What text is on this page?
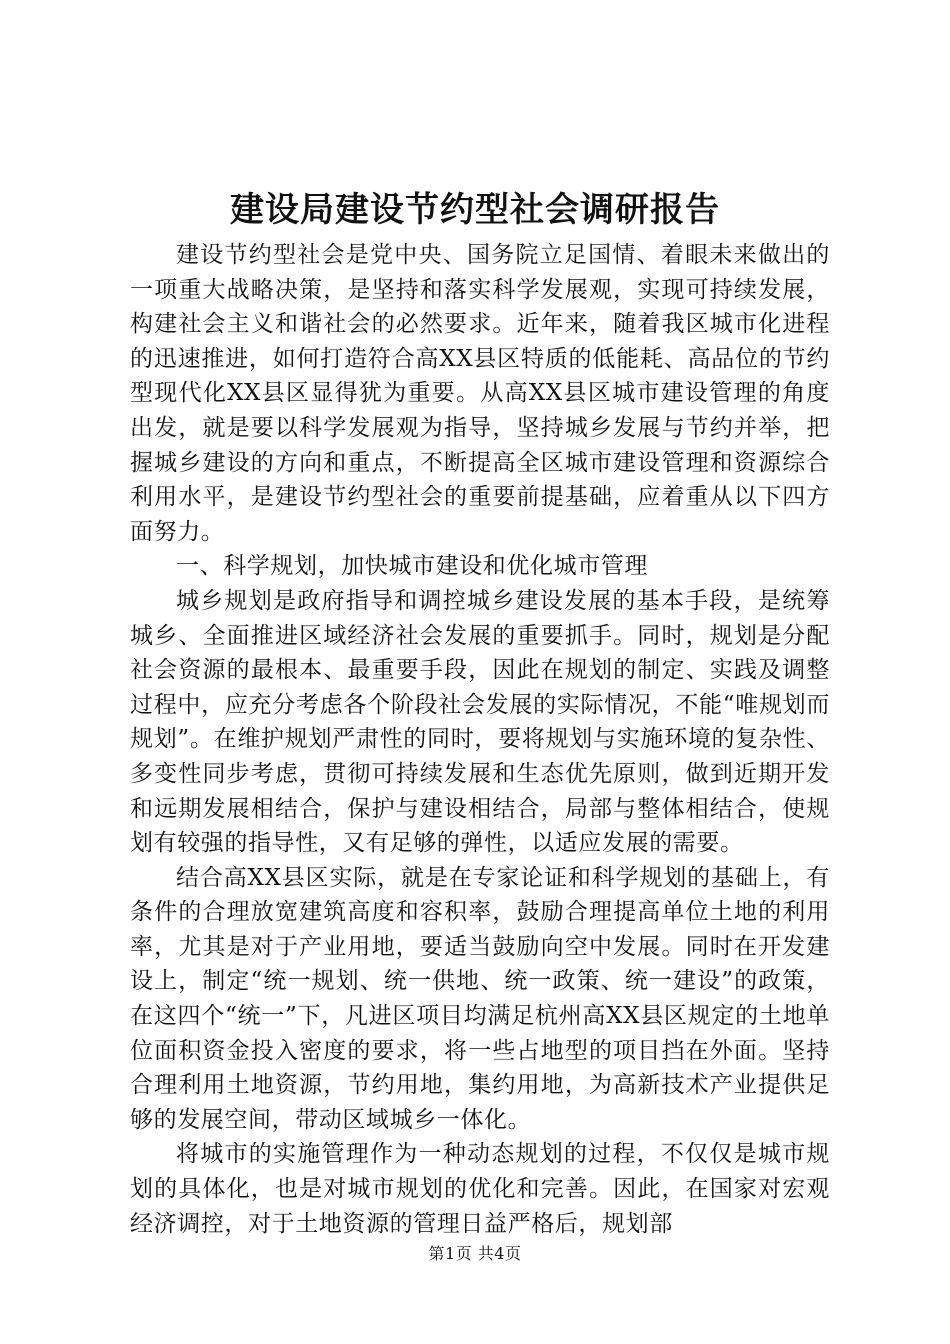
建设局建设节约型社会调研报告

建设节约型社会是党中央、国务院立足国情、着眼未来做出的一项重大战略决策，是坚持和落实科学发展观，实现可持续发展，构建社会主义和谐社会的必然要求。近年来，随着我区城市化进程的迅速推进，如何打造符合高XX县区特质的低能耗、高品位的节约型现代化XX县区显得犹为重要。从高XX县区城市建设管理的角度出发，就是要以科学发展观为指导，坚持城乡发展与节约并举，把握城乡建设的方向和重点，不断提高全区城市建设管理和资源综合利用水平，是建设节约型社会的重要前提基础，应着重从以下四方面努力。

一、科学规划，加快城市建设和优化城市管理

城乡规划是政府指导和调控城乡建设发展的基本手段，是统筹城乡、全面推进区域经济社会发展的重要抓手。同时，规划是分配社会资源的最根本、最重要手段，因此在规划的制定、实践及调整过程中，应充分考虑各个阶段社会发展的实际情况，不能“唯规划而规划”。在维护规划严肃性的同时，要将规划与实施环境的复杂性、多变性同步考虑，贯彻可持续发展和生态优先原则，做到近期开发和远期发展相结合，保护与建设相结合，局部与整体相结合，使规划有较强的指导性，又有足够的弹性，以适应发展的需要。

结合高XX县区实际，就是在专家论证和科学规划的基础上，有条件的合理放宽建筑高度和容积率，鼓励合理提高单位土地的利用率，尤其是对于产业用地，要适当鼓励向空中发展。同时在开发建设上，制定“统一规划、统一供地、统一政策、统一建设”的政策，在这四个“统一”下，凡进区项目均满足杭州高XX县区规定的土地单位面积资金投入密度的要求，将一些占地型的项目挡在外面。坚持合理利用土地资源，节约用地，集约用地，为高新技术产业提供足够的发展空间，带动区域城乡一体化。

将城市的实施管理作为一种动态规划的过程，不仅仅是城市规划的具体化，也是对城市规划的优化和完善。因此，在国家对宏观经济调控，对于土地资源的管理日益严格后，规划部

第1页 共4页
